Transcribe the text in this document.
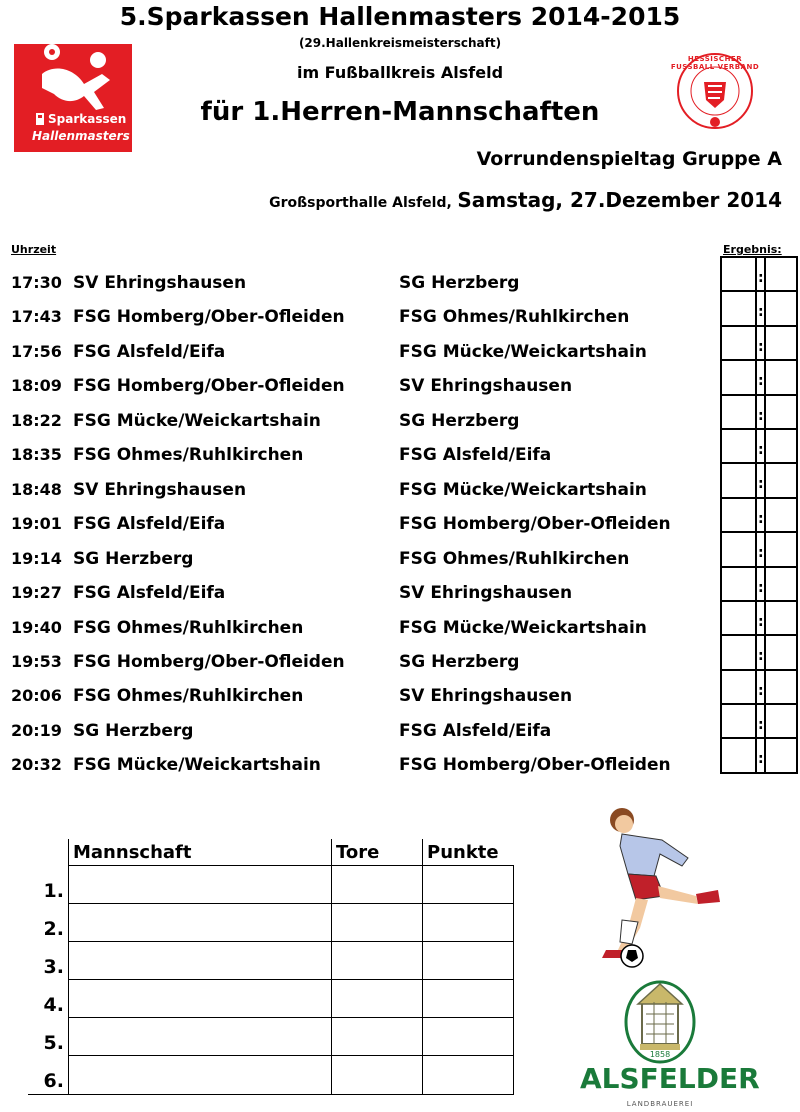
5.Sparkassen Hallenmasters 2014-2015
(29.Hallenkreismeisterschaft)
im Fußballkreis Alsfeld
für 1.Herren-Mannschaften
Vorrundenspieltag Gruppe A
Großsporthalle Alsfeld, Samstag, 27.Dezember 2014
Sparkassen
Hallenmasters
HESSISCHER FUSSBALL VERBAND
Uhrzeit	Ergebnis:
17:30 SV Ehringshausen	SG Herzberg
17:43 FSG Homberg/Ober-Ofleiden	FSG Ohmes/Ruhlkirchen
17:56 FSG Alsfeld/Eifa	FSG Mücke/Weickartshain
18:09 FSG Homberg/Ober-Ofleiden	SV Ehringshausen
18:22 FSG Mücke/Weickartshain	SG Herzberg
18:35 FSG Ohmes/Ruhlkirchen	FSG Alsfeld/Eifa
18:48 SV Ehringshausen	FSG Mücke/Weickartshain
19:01 FSG Alsfeld/Eifa	FSG Homberg/Ober-Ofleiden
19:14 SG Herzberg	FSG Ohmes/Ruhlkirchen
19:27 FSG Alsfeld/Eifa	SV Ehringshausen
19:40 FSG Ohmes/Ruhlkirchen	FSG Mücke/Weickartshain
19:53 FSG Homberg/Ober-Ofleiden	SG Herzberg
20:06 FSG Ohmes/Ruhlkirchen	SV Ehringshausen
20:19 SG Herzberg	FSG Alsfeld/Eifa
20:32 FSG Mücke/Weickartshain	FSG Homberg/Ober-Ofleiden
:
:
:
:
:
:
:
:
:
:
:
:
:
:
:
	Mannschaft	Tore	Punkte
1.			
2.			
3.			
4.			
5.			
6.			
1858
ALSFELDER
LANDBRAUEREI
